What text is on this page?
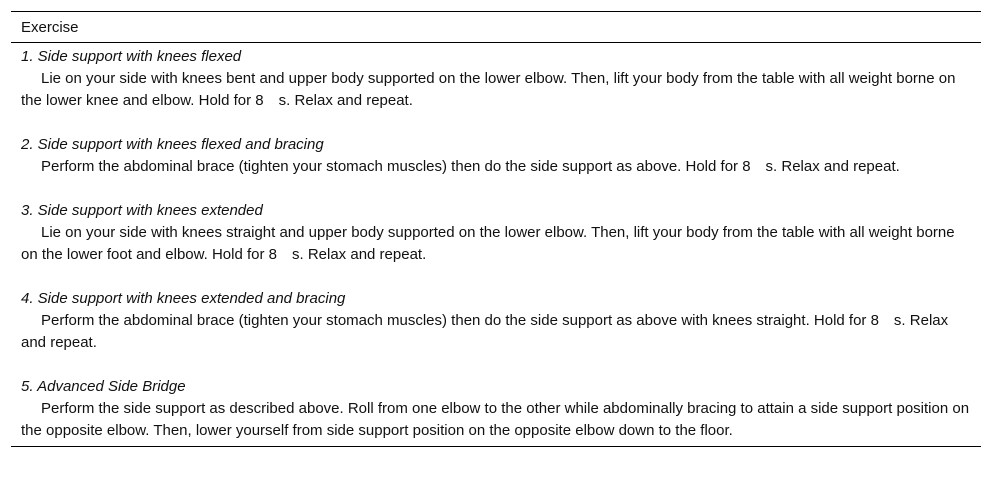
Exercise
1. Side support with knees flexed
Lie on your side with knees bent and upper body supported on the lower elbow. Then, lift your body from the table with all weight borne on the lower knee and elbow. Hold for 8 s. Relax and repeat.
2. Side support with knees flexed and bracing
Perform the abdominal brace (tighten your stomach muscles) then do the side support as above. Hold for 8 s. Relax and repeat.
3. Side support with knees extended
Lie on your side with knees straight and upper body supported on the lower elbow. Then, lift your body from the table with all weight borne on the lower foot and elbow. Hold for 8 s. Relax and repeat.
4. Side support with knees extended and bracing
Perform the abdominal brace (tighten your stomach muscles) then do the side support as above with knees straight. Hold for 8 s. Relax and repeat.
5. Advanced Side Bridge
Perform the side support as described above. Roll from one elbow to the other while abdominally bracing to attain a side support position on the opposite elbow. Then, lower yourself from side support position on the opposite elbow down to the floor.
